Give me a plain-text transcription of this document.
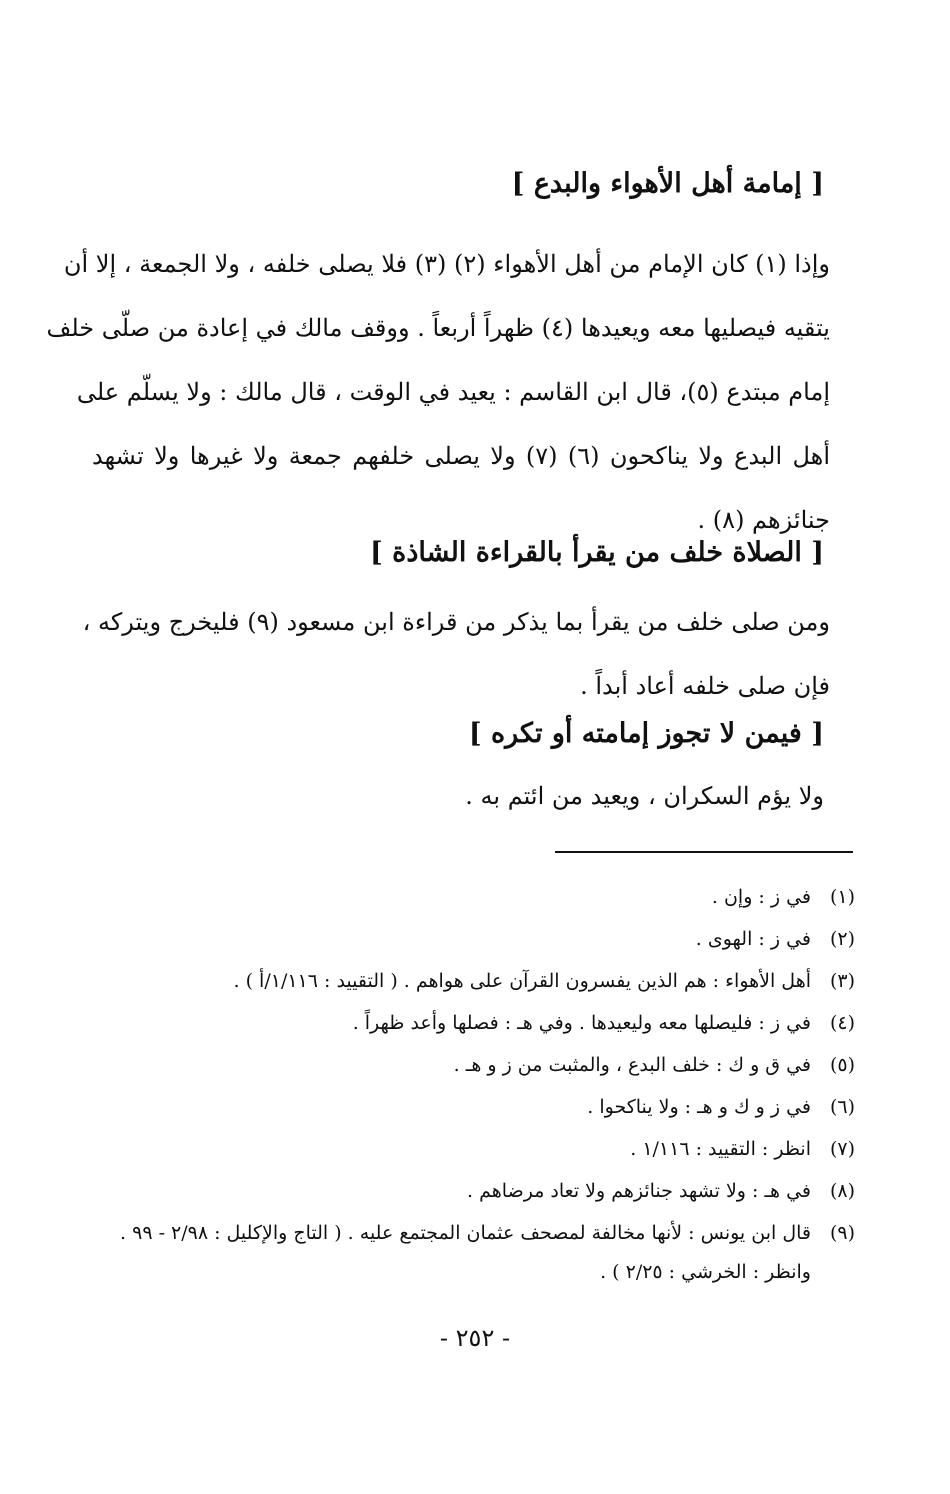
[ إمامة أهل الأهواء والبدع ]
وإذا (١) كان الإمام من أهل الأهواء (٢) (٣) فلا يصلى خلفه ، ولا الجمعة ، إلا أن
يتقيه فيصليها معه ويعيدها (٤) ظهراً أربعاً . ووقف مالك في إعادة من صلّى خلف
إمام مبتدع (٥)، قال ابن القاسم : يعيد في الوقت ، قال مالك : ولا يسلّم على
أهل البدع ولا يناكحون (٦) (٧) ولا يصلى خلفهم جمعة ولا غيرها ولا تشهد
جنائزهم (٨) .
[ الصلاة خلف من يقرأ بالقراءة الشاذة ]
ومن صلى خلف من يقرأ بما يذكر من قراءة ابن مسعود (٩) فليخرج ويتركه ،
فإن صلى خلفه أعاد أبداً .
[ فيمن لا تجوز إمامته أو تكره ]
ولا يؤم السكران ، ويعيد من ائتم به .
(١)في ز : وإن .
(٢)في ز : الهوى .
(٣)أهل الأهواء : هم الذين يفسرون القرآن على هواهم . ( التقييد : ١/١١٦/أ ) .
(٤)في ز : فليصلها معه وليعيدها . وفي هـ : فصلها وأعد ظهراً .
(٥)في ق و ك : خلف البدع ، والمثبت من ز و هـ .
(٦)في ز و ك و هـ : ولا يناكحوا .
(٧)انظر : التقييد : ١/١١٦ .
(٨)في هـ : ولا تشهد جنائزهم ولا تعاد مرضاهم .
(٩)قال ابن يونس : لأنها مخالفة لمصحف عثمان المجتمع عليه . ( التاج والإكليل : ٢/٩٨ - ٩٩ .
وانظر : الخرشي : ٢/٢٥ ) .
- ٢٥٢ -
